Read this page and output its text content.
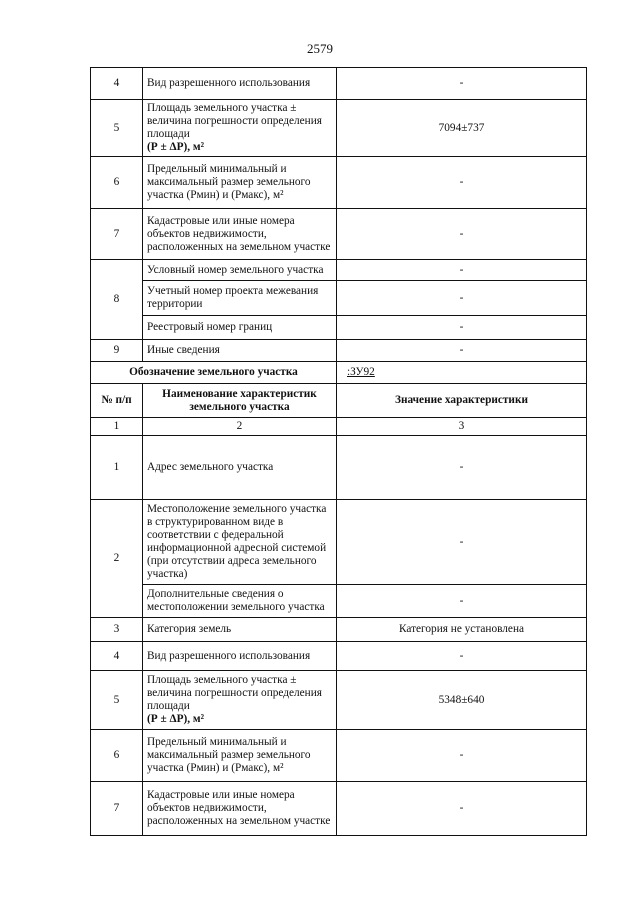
2579
4	Вид разрешенного использования	-
5	Площадь земельного участка ±
величина погрешности определения
площади
(Р ± ΔР), м²	7094±737
6	Предельный минимальный и
максимальный размер земельного
участка (Рмин) и (Рмакс), м²	-
7	Кадастровые или иные номера объектов недвижимости, расположенных на земельном участке	-
8	Условный номер земельного участка	-
	Учетный номер проекта межевания территории	-
	Реестровый номер границ	-
9	Иные сведения	-
Обозначение земельного участка		:ЗУ92
№ п/п	Наименование характеристик земельного участка	Значение характеристики
1	2	3
1	Адрес земельного участка	-
2	Местоположение земельного участка в структурированном виде в соответствии с федеральной информационной адресной системой (при отсутствии адреса земельного участка)	-
	Дополнительные сведения о местоположении земельного участка	-
3	Категория земель	Категория не установлена
4	Вид разрешенного использования	-
5	Площадь земельного участка ±
величина погрешности определения
площади
(Р ± ΔР), м²	5348±640
6	Предельный минимальный и
максимальный размер земельного
участка (Рмин) и (Рмакс), м²	-
7	Кадастровые или иные номера объектов недвижимости, расположенных на земельном участке	-
